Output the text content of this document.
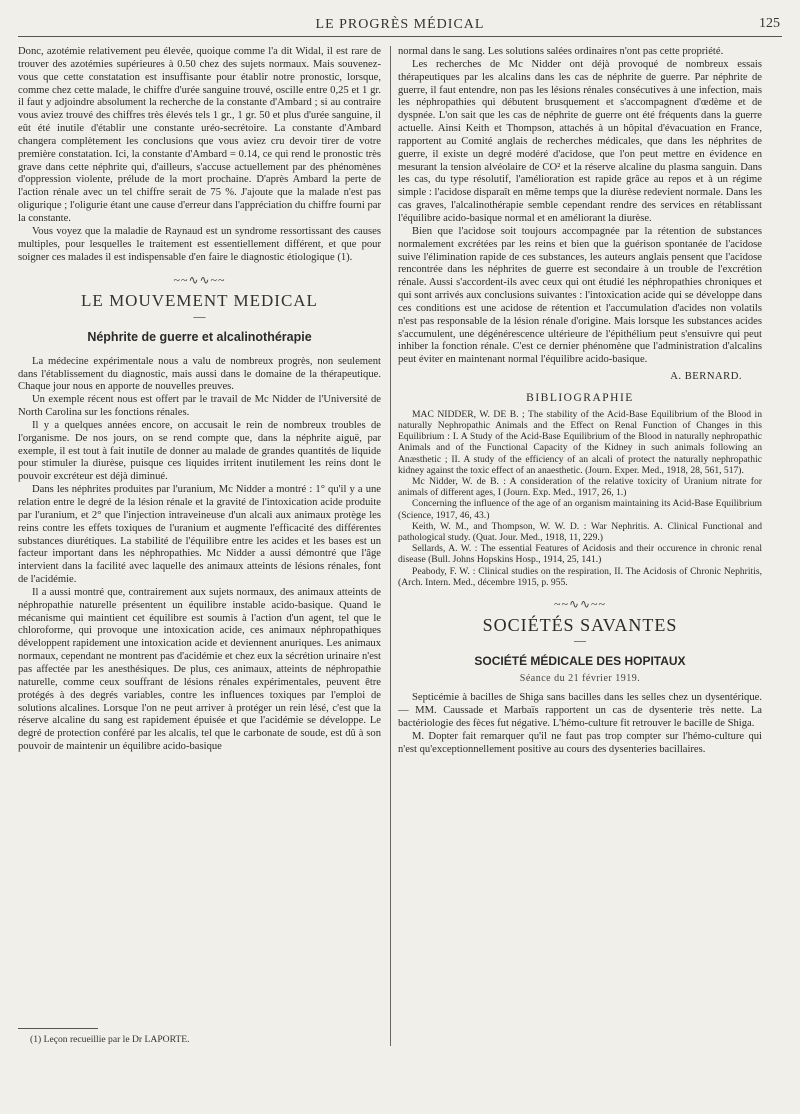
LE PROGRÈS MÉDICAL	125

Donc, azotémie relativement peu élevée, quoique comme l'a dit Widal, il est rare de trouver des azotémies supérieures à 0.50 chez des sujets normaux. Mais souvenez-vous que cette constatation est insuffisante pour établir notre pronostic, lorsque, comme chez cette malade, le chiffre d'urée sanguine trouvé, oscille entre 0,25 et 1 gr. il faut y adjoindre absolument la recherche de la constante d'Ambard ; si au contraire vous aviez trouvé des chiffres très élevés tels 1 gr., 1 gr. 50 et plus d'urée sanguine, il eût été inutile d'établir une constante uréo-secrétoire. La constante d'Ambard changera complètement les conclusions que vous aviez cru devoir tirer de votre première constatation. Ici, la constante d'Ambard = 0.14, ce qui rend le pronostic très grave dans cette néphrite qui, d'ailleurs, s'accuse actuellement par des phénomènes d'oppression violente, prélude de la mort prochaine. D'après Ambard la perte de l'action rénale avec un tel chiffre serait de 75 %. J'ajoute que la malade n'est pas oligurique ; l'oligurie étant une cause d'erreur dans l'appréciation du chiffre fourni par la constante.

Vous voyez que la maladie de Raynaud est un syndrome ressortissant des causes multiples, pour lesquelles le traitement est essentiellement différent, et que pour soigner ces malades il est indispensable d'en faire le diagnostic étiologique (1).

~~∿∿~~
LE MOUVEMENT MEDICAL
—
Néphrite de guerre et alcalinothérapie

La médecine expérimentale nous a valu de nombreux progrès, non seulement dans l'établissement du diagnostic, mais aussi dans le domaine de la thérapeutique. Chaque jour nous en apporte de nouvelles preuves.

Un exemple récent nous est offert par le travail de Mc Nidder de l'Université de North Carolina sur les fonctions rénales.

Il y a quelques années encore, on accusait le rein de nombreux troubles de l'organisme. De nos jours, on se rend compte que, dans la néphrite aiguë, par exemple, il est tout à fait inutile de donner au malade de grandes quantités de liquide pour stimuler la diurèse, puisque ces liquides irritent inutilement les reins dont le pouvoir excréteur est déjà diminué.

Dans les néphrites produites par l'uranium, Mc Nidder a montré : 1° qu'il y a une relation entre le degré de la lésion rénale et la gravité de l'intoxication acide produite par l'uranium, et 2° que l'injection intraveineuse d'un alcali aux animaux protège les reins contre les effets toxiques de l'uranium et augmente l'efficacité des différentes substances diurétiques. La stabilité de l'équilibre entre les acides et les bases est un facteur important dans les néphropathies. Mc Nidder a aussi démontré que l'âge intervient dans la facilité avec laquelle des animaux atteints de lésions rénales, font de l'acidémie.

Il a aussi montré que, contrairement aux sujets normaux, des animaux atteints de néphropathie naturelle présentent un équilibre instable acido-basique. Quand le mécanisme qui maintient cet équilibre est soumis à l'action d'un agent, tel que le chloroforme, qui provoque une intoxication acide, ces animaux néphropathiques développent rapidement une intoxication acide et deviennent anuriques. Les animaux normaux, cependant ne montrent pas d'acidémie et chez eux la sécrétion urinaire n'est pas affectée par les anesthésiques. De plus, ces animaux, atteints de néphropathie naturelle, comme ceux souffrant de lésions rénales expérimentales, peuvent être protégés à des degrés variables, contre les influences toxiques par l'emploi de solutions alcalines. Lorsque l'on ne peut arriver à protéger un rein lésé, c'est que la réserve alcaline du sang est rapidement épuisée et que l'acidémie se développe. Le degré de protection conféré par les alcalis, tel que le carbonate de soude, est dû à son pouvoir de maintenir un équilibre acido-basique

normal dans le sang. Les solutions salées ordinaires n'ont pas cette propriété.

Les recherches de Mc Nidder ont déjà provoqué de nombreux essais thérapeutiques par les alcalins dans les cas de néphrite de guerre. Par néphrite de guerre, il faut entendre, non pas les lésions rénales consécutives à une infection, mais les néphropathies qui débutent brusquement et s'accompagnent d'œdème et de dyspnée. L'on sait que les cas de néphrite de guerre ont été fréquents dans la guerre actuelle. Ainsi Keith et Thompson, attachés à un hôpital d'évacuation en France, rapportent au Comité anglais de recherches médicales, que dans les néphrites de guerre, il existe un degré modéré d'acidose, que l'on peut mettre en évidence en mesurant la tension alvéolaire de CO² et la réserve alcaline du plasma sanguin. Dans les cas, du type résolutif, l'amélioration est rapide grâce au repos et à un régime simple : l'acidose disparaît en même temps que la diurèse redevient normale. Dans les cas graves, l'alcalinothérapie semble cependant rendre des services en rétablissant l'équilibre acido-basique normal et en améliorant la diurèse.

Bien que l'acidose soit toujours accompagnée par la rétention de substances normalement excrétées par les reins et bien que la guérison spontanée de l'acidose suive l'élimination rapide de ces substances, les auteurs anglais pensent que l'acidose rencontrée dans les néphrites de guerre est secondaire à un trouble de l'excrétion rénale. Aussi s'accordent-ils avec ceux qui ont étudié les néphropathies chroniques et qui sont arrivés aux conclusions suivantes : l'intoxication acide qui se développe dans ces conditions est une acidose de rétention et l'accumulation d'acides non volatils n'est pas responsable de la lésion rénale d'origine. Mais lorsque les substances acides s'accumulent, une dégénérescence ultérieure de l'épithélium peut s'ensuivre qui peut inhiber la fonction rénale. C'est ce dernier phénomène que l'administration d'alcalins peut éviter en maintenant normal l'équilibre acido-basique.

A. BERNARD.
BIBLIOGRAPHIE

MAC NIDDER, W. DE B. ; The stability of the Acid-Base Equilibrium of the Blood in naturally Nephropathic Animals and the Effect on Renal Function of Changes in this Equilibrium : I. A Study of the Acid-Base Equilibrium of the Blood in naturally nephropathic Animals and of the Functional Capacity of the Kidney in such animals following an Anæsthetic ; II. A study of the efficiency of an alcali of protect the naturally nephropathic kidney against the toxic effect of an anaesthetic. (Journ. Exper. Med., 1918, 28, 561, 517).

Mc Nidder, W. de B. : A consideration of the relative toxicity of Uranium nitrate for animals of different ages, I (Journ. Exp. Med., 1917, 26, 1.)

Concerning the influence of the age of an organism maintaining its Acid-Base Equilibrium (Science, 1917, 46, 43.)

Keith, W. M., and Thompson, W. W. D. : War Nephritis. A. Clinical Functional and pathological study. (Quat. Jour. Med., 1918, 11, 229.)

Sellards, A. W. : The essential Features of Acidosis and their occurence in chronic renal disease (Bull. Johns Hopskins Hosp., 1914, 25, 141.)

Peabody, F. W. : Clinical studies on the respiration, II. The Acidosis of Chronic Nephritis, (Arch. Intern. Med., décembre 1915, p. 955.

~~∿∿~~
SOCIÉTÉS SAVANTES
—
SOCIÉTÉ MÉDICALE DES HOPITAUX
Séance du 21 février 1919.

Septicémie à bacilles de Shiga sans bacilles dans les selles chez un dysentérique. — MM. Caussade et Marbaïs rapportent un cas de dysenterie très nette. La bactériologie des fèces fut négative. L'hémo-culture fit retrouver le bacille de Shiga.

M. Dopter fait remarquer qu'il ne faut pas trop compter sur l'hémo-culture qui n'est qu'exceptionnellement positive au cours des dysenteries bacillaires.

(1) Leçon recueillie par le Dr LAPORTE.
